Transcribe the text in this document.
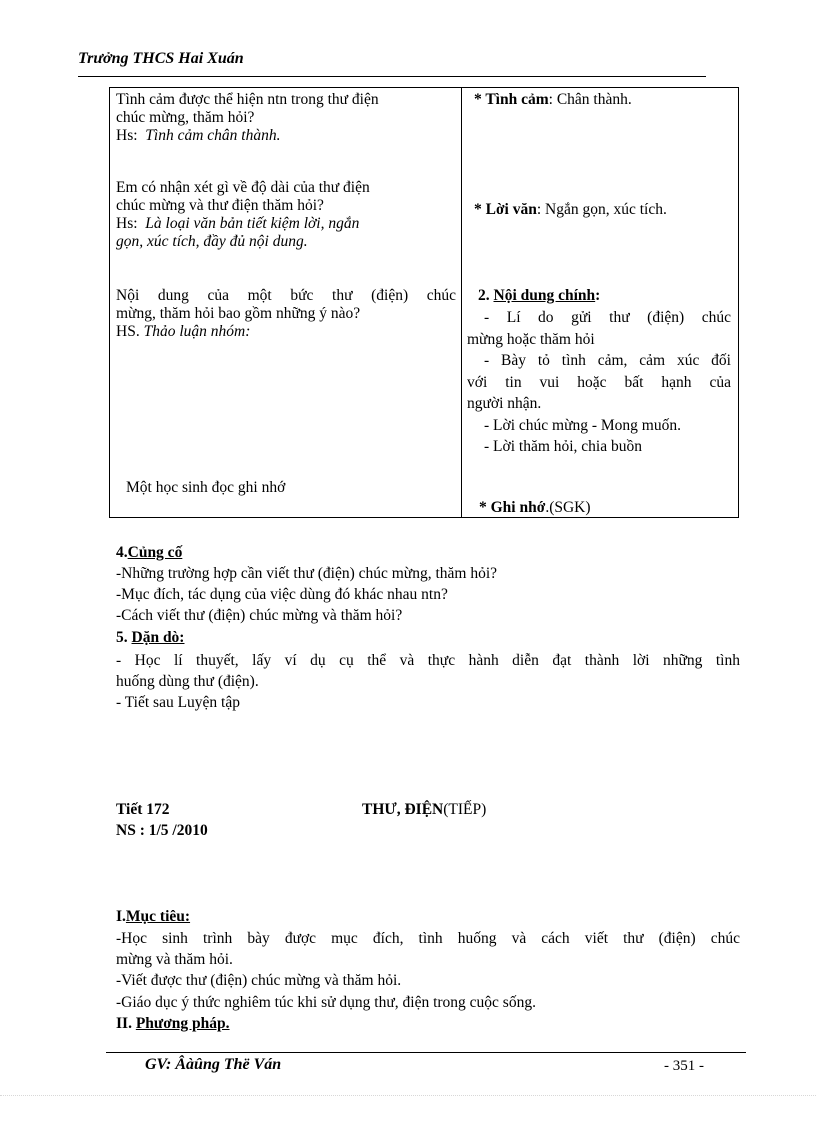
Trưởng THCS Hai Xuán
Tình cảm được thể hiện ntn trong thư điện
chúc mừng, thăm hỏi?
Hs: Tình cảm chân thành.
Em có nhận xét gì về độ dài của thư điện
chúc mừng và thư điện thăm hỏi?
Hs: Là loại văn bản tiết kiệm lời, ngắn
gọn, xúc tích, đầy đủ nội dung.
Nội dung của một bức thư (điện) chúc
mừng, thăm hỏi bao gồm những ý nào?
HS. Thảo luận nhóm:
Một học sinh đọc ghi nhớ
* Tình cảm: Chân thành.
* Lời văn: Ngắn gọn, xúc tích.
2. Nội dung chính:
- Lí do gửi thư (điện) chúc
mừng hoặc thăm hỏi
- Bày tỏ tình cảm, cảm xúc đối
với tin vui hoặc bất hạnh của
người nhận.
- Lời chúc mừng - Mong muốn.
- Lời thăm hỏi, chia buồn
* Ghi nhớ.(SGK)
4.Củng cố
-Những trường hợp cần viết thư (điện) chúc mừng, thăm hỏi?
-Mục đích, tác dụng của việc dùng đó khác nhau ntn?
-Cách viết thư (điện) chúc mừng và thăm hỏi?
5. Dặn dò:
- Học lí thuyết, lấy ví dụ cụ thể và thực hành diễn đạt thành lời những tình
huống dùng thư (điện).
- Tiết sau Luyện tập
Tiết 172	THƯ, ĐIỆN(TIẾP)
NS : 1/5 /2010
I.Mục tiêu:
-Học sinh trình bày được mục đích, tình huống và cách viết thư (điện) chúc
mừng và thăm hỏi.
-Viết được thư (điện) chúc mừng và thăm hỏi.
-Giáo dục ý thức nghiêm túc khi sử dụng thư, điện trong cuộc sống.
II. Phương pháp.
GV: Âàûng Thë Ván	- 351 -
